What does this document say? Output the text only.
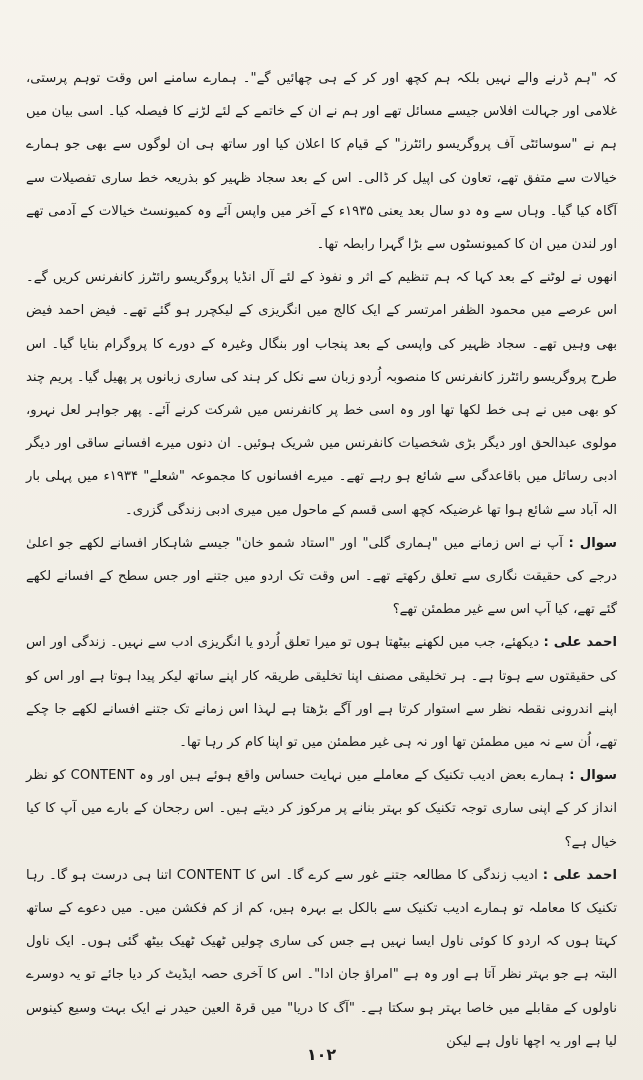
کہ "ہم ڈرنے والے نہیں بلکہ ہم کچھ اور کر کے ہی چھائیں گے"۔ ہمارے سامنے اس وقت توہم پرستی، غلامی اور جہالت افلاس جیسے مسائل تھے اور ہم نے ان کے خاتمے کے لئے لڑنے کا فیصلہ کیا۔ اسی بیان میں ہم نے "سوسائٹی آف پروگریسو رائٹرز" کے قیام کا اعلان کیا اور ساتھ ہی ان لوگوں سے بھی جو ہمارے خیالات سے متفق تھے، تعاون کی اپیل کر ڈالی۔ اس کے بعد سجاد ظہیر کو بذریعہ خط ساری تفصیلات سے آگاہ کیا گیا۔ وہاں سے وہ دو سال بعد یعنی ۱۹۳۵ء کے آخر میں واپس آئے وہ کمیونسٹ خیالات کے آدمی تھے اور لندن میں ان کا کمیونسٹوں سے بڑا گہرا رابطہ تھا۔

انھوں نے لوٹنے کے بعد کہا کہ ہم تنظیم کے اثر و نفوذ کے لئے آل انڈیا پروگریسو رائٹرز کانفرنس کریں گے۔ اس عرصے میں محمود الظفر امرتسر کے ایک کالج میں انگریزی کے لیکچرر ہو گئے تھے۔ فیض احمد فیض بھی وہیں تھے۔ سجاد ظہیر کی واپسی کے بعد پنجاب اور بنگال وغیرہ کے دورے کا پروگرام بنایا گیا۔ اس طرح پروگریسو رائٹرز کانفرنس کا منصوبہ اُردو زبان سے نکل کر ہند کی ساری زبانوں پر پھیل گیا۔ پریم چند کو بھی میں نے ہی خط لکھا تھا اور وہ اسی خط پر کانفرنس میں شرکت کرنے آئے۔ پھر جواہر لعل نہرو، مولوی عبدالحق اور دیگر بڑی شخصیات کانفرنس میں شریک ہوئیں۔ ان دنوں میرے افسانے ساقی اور دیگر ادبی رسائل میں باقاعدگی سے شائع ہو رہے تھے۔ میرے افسانوں کا مجموعہ "شعلے" ۱۹۳۴ء میں پہلی بار الہ آباد سے شائع ہوا تھا غرضیکہ کچھ اسی قسم کے ماحول میں میری ادبی زندگی گزری۔

سوال : آپ نے اس زمانے میں "ہماری گلی" اور "استاد شمو خان" جیسے شاہکار افسانے لکھے جو اعلیٰ درجے کی حقیقت نگاری سے تعلق رکھتے تھے۔ اس وقت تک اردو میں جتنے اور جس سطح کے افسانے لکھے گئے تھے، کیا آپ اس سے غیر مطمئن تھے؟

احمد علی : دیکھئے، جب میں لکھنے بیٹھتا ہوں تو میرا تعلق اُردو یا انگریزی ادب سے نہیں۔ زندگی اور اس کی حقیقتوں سے ہوتا ہے۔ ہر تخلیقی مصنف اپنا تخلیقی طریقہ کار اپنے ساتھ لیکر پیدا ہوتا ہے اور اس کو اپنے اندرونی نقطہ نظر سے استوار کرتا ہے اور آگے بڑھتا ہے لہذا اس زمانے تک جتنے افسانے لکھے جا چکے تھے، اُن سے نہ میں مطمئن تھا اور نہ ہی غیر مطمئن میں تو اپنا کام کر رہا تھا۔

سوال : ہمارے بعض ادیب تکنیک کے معاملے میں نہایت حساس واقع ہوئے ہیں اور وہ CONTENT کو نظر انداز کر کے اپنی ساری توجہ تکنیک کو بہتر بنانے پر مرکوز کر دیتے ہیں۔ اس رجحان کے بارے میں آپ کا کیا خیال ہے؟

احمد علی : ادیب زندگی کا مطالعہ جتنے غور سے کرے گا۔ اس کا CONTENT اتنا ہی درست ہو گا۔ رہا تکنیک کا معاملہ تو ہمارے ادیب تکنیک سے بالکل بے بہرہ ہیں، کم از کم فکشن میں۔ میں دعوے کے ساتھ کہتا ہوں کہ اردو کا کوئی ناول ایسا نہیں ہے جس کی ساری چولیں ٹھیک ٹھیک بیٹھ گئی ہوں۔ ایک ناول البتہ ہے جو بہتر نظر آتا ہے اور وہ ہے "امراؤ جان ادا"۔ اس کا آخری حصہ ایڈیٹ کر دیا جائے تو یہ دوسرے ناولوں کے مقابلے میں خاصا بہتر ہو سکتا ہے۔ "آگ کا دریا" میں قرۃ العین حیدر نے ایک بہت وسیع کینوس لیا ہے اور یہ اچھا ناول ہے لیکن

۱۰۲
